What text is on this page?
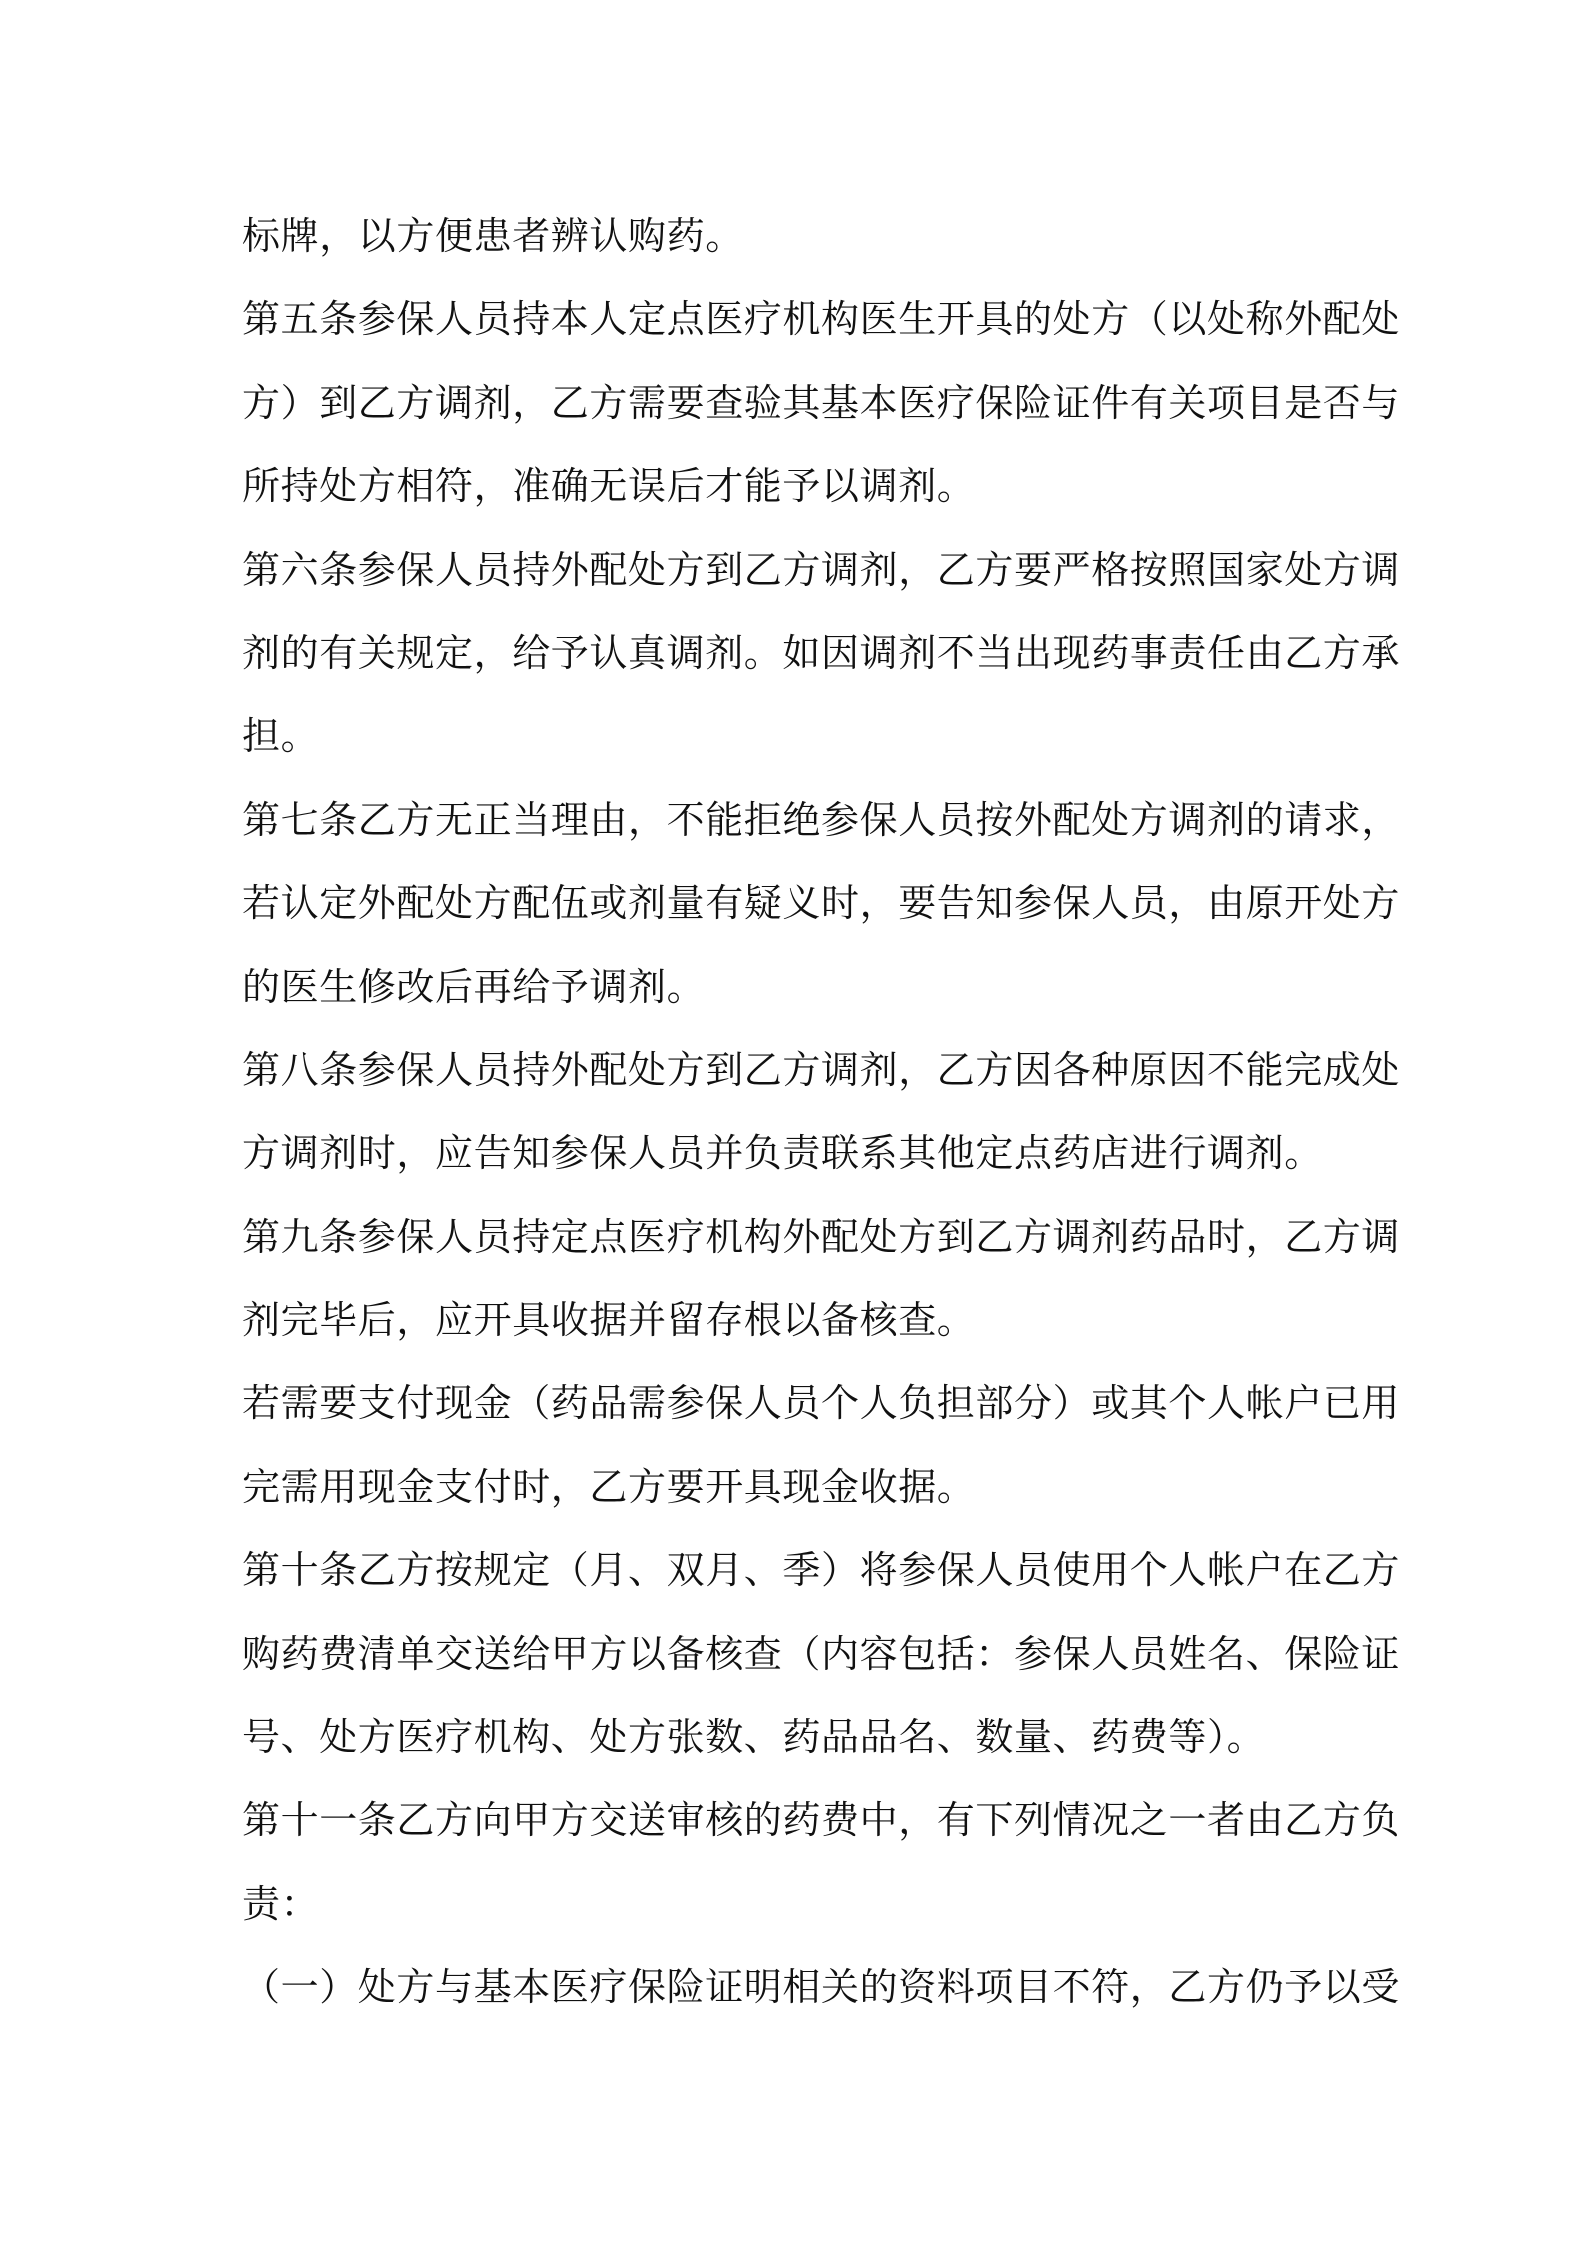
标牌，以方便患者辨认购药。
第五条参保人员持本人定点医疗机构医生开具的处方（以处称外配处
方）到乙方调剂，乙方需要查验其基本医疗保险证件有关项目是否与
所持处方相符，准确无误后才能予以调剂。
第六条参保人员持外配处方到乙方调剂，乙方要严格按照国家处方调
剂的有关规定，给予认真调剂。如因调剂不当出现药事责任由乙方承
担。
第七条乙方无正当理由，不能拒绝参保人员按外配处方调剂的请求，
若认定外配处方配伍或剂量有疑义时，要告知参保人员，由原开处方
的医生修改后再给予调剂。
第八条参保人员持外配处方到乙方调剂，乙方因各种原因不能完成处
方调剂时，应告知参保人员并负责联系其他定点药店进行调剂。
第九条参保人员持定点医疗机构外配处方到乙方调剂药品时，乙方调
剂完毕后，应开具收据并留存根以备核查。
若需要支付现金（药品需参保人员个人负担部分）或其个人帐户已用
完需用现金支付时，乙方要开具现金收据。
第十条乙方按规定（月、双月、季）将参保人员使用个人帐户在乙方
购药费清单交送给甲方以备核查（内容包括：参保人员姓名、保险证
号、处方医疗机构、处方张数、药品品名、数量、药费等）。
第十一条乙方向甲方交送审核的药费中，有下列情况之一者由乙方负
责：
（一）处方与基本医疗保险证明相关的资料项目不符，乙方仍予以受
